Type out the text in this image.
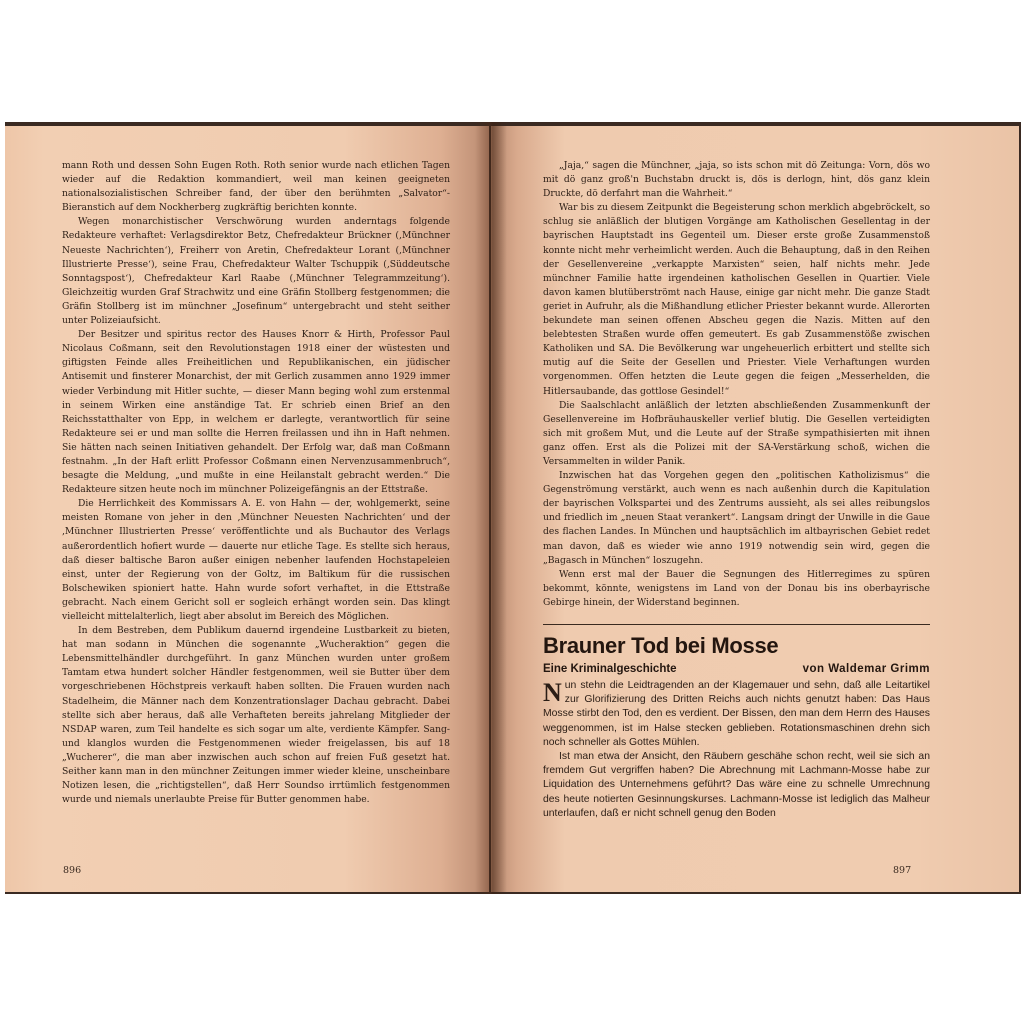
mann Roth und dessen Sohn Eugen Roth. Roth senior wurde nach etlichen Tagen wieder auf die Redaktion kommandiert, weil man keinen geeigneten nationalsozialistischen Schreiber fand, der über den berühmten „Salvator“-Bieranstich auf dem Nockherberg zugkräftig berichten konnte.

Wegen monarchistischer Verschwörung wurden anderntags folgende Redakteure verhaftet: Verlagsdirektor Betz, Chefredakteur Brückner (‚Münchner Neueste Nachrichten‘), Freiherr von Aretin, Chefredakteur Lorant (‚Münchner Illustrierte Presse‘), seine Frau, Chefredakteur Walter Tschuppik (‚Süddeutsche Sonntagspost‘), Chefredakteur Karl Raabe (‚Münchner Telegrammzeitung‘). Gleichzeitig wurden Graf Strachwitz und eine Gräfin Stollberg festgenommen; die Gräfin Stollberg ist im münchner „Josefinum“ untergebracht und steht seither unter Polizeiaufsicht.

Der Besitzer und spiritus rector des Hauses Knorr & Hirth, Professor Paul Nicolaus Coßmann, seit den Revolutionstagen 1918 einer der wüstesten und giftigsten Feinde alles Freiheitlichen und Republikanischen, ein jüdischer Antisemit und finsterer Monarchist, der mit Gerlich zusammen anno 1929 immer wieder Verbindung mit Hitler suchte, — dieser Mann beging wohl zum erstenmal in seinem Wirken eine anständige Tat. Er schrieb einen Brief an den Reichsstatthalter von Epp, in welchem er darlegte, verantwortlich für seine Redakteure sei er und man sollte die Herren freilassen und ihn in Haft nehmen. Sie hätten nach seinen Initiativen gehandelt. Der Erfolg war, daß man Coßmann festnahm. „In der Haft erlitt Professor Coßmann einen Nervenzusammenbruch“, besagte die Meldung, „und mußte in eine Heilanstalt gebracht werden.“ Die Redakteure sitzen heute noch im münchner Polizeigefängnis an der Ettstraße.

Die Herrlichkeit des Kommissars A. E. von Hahn — der, wohlgemerkt, seine meisten Romane von jeher in den ‚Münchner Neuesten Nachrichten‘ und der ‚Münchner Illustrierten Presse‘ veröffentlichte und als Buchautor des Verlags außerordentlich hofiert wurde — dauerte nur etliche Tage. Es stellte sich heraus, daß dieser baltische Baron außer einigen nebenher laufenden Hochstapeleien einst, unter der Regierung von der Goltz, im Baltikum für die russischen Bolschewiken spioniert hatte. Hahn wurde sofort verhaftet, in die Ettstraße gebracht. Nach einem Gericht soll er sogleich erhängt worden sein. Das klingt vielleicht mittelalterlich, liegt aber absolut im Bereich des Möglichen.

In dem Bestreben, dem Publikum dauernd irgendeine Lustbarkeit zu bieten, hat man sodann in München die sogenannte „Wucheraktion“ gegen die Lebensmittelhändler durchgeführt. In ganz München wurden unter großem Tamtam etwa hundert solcher Händler festgenommen, weil sie Butter über dem vorgeschriebenen Höchstpreis verkauft haben sollten. Die Frauen wurden nach Stadelheim, die Männer nach dem Konzentrationslager Dachau gebracht. Dabei stellte sich aber heraus, daß alle Verhafteten bereits jahrelang Mitglieder der NSDAP waren, zum Teil handelte es sich sogar um alte, verdiente Kämpfer. Sang- und klanglos wurden die Festgenommenen wieder freigelassen, bis auf 18 „Wucherer“, die man aber inzwischen auch schon auf freien Fuß gesetzt hat. Seither kann man in den münchner Zeitungen immer wieder kleine, unscheinbare Notizen lesen, die „richtigstellen“, daß Herr Soundso irrtümlich festgenommen wurde und niemals unerlaubte Preise für Butter genommen habe.

896

„Jaja,“ sagen die Münchner, „jaja, so ists schon mit dö Zeitunga: Vorn, dös wo mit dö ganz groß'n Buchstabn druckt is, dös is derlogn, hint, dös ganz klein Druckte, dö derfahrt man die Wahrheit.“

War bis zu diesem Zeitpunkt die Begeisterung schon merklich abgebröckelt, so schlug sie anläßlich der blutigen Vorgänge am Katholischen Gesellentag in der bayrischen Hauptstadt ins Gegenteil um. Dieser erste große Zusammenstoß konnte nicht mehr verheimlicht werden. Auch die Behauptung, daß in den Reihen der Gesellenvereine „verkappte Marxisten“ seien, half nichts mehr. Jede münchner Familie hatte irgendeinen katholischen Gesellen in Quartier. Viele davon kamen blutüberströmt nach Hause, einige gar nicht mehr. Die ganze Stadt geriet in Aufruhr, als die Mißhandlung etlicher Priester bekannt wurde. Allerorten bekundete man seinen offenen Abscheu gegen die Nazis. Mitten auf den belebtesten Straßen wurde offen gemeutert. Es gab Zusammenstöße zwischen Katholiken und SA. Die Bevölkerung war ungeheuerlich erbittert und stellte sich mutig auf die Seite der Gesellen und Priester. Viele Verhaftungen wurden vorgenommen. Offen hetzten die Leute gegen die feigen „Messerhelden, die Hitlersaubande, das gottlose Gesindel!“

Die Saalschlacht anläßlich der letzten abschließenden Zusammenkunft der Gesellenvereine im Hofbräuhauskeller verlief blutig. Die Gesellen verteidigten sich mit großem Mut, und die Leute auf der Straße sympathisierten mit ihnen ganz offen. Erst als die Polizei mit der SA-Verstärkung schoß, wichen die Versammelten in wilder Panik.

Inzwischen hat das Vorgehen gegen den „politischen Katholizismus“ die Gegenströmung verstärkt, auch wenn es nach außenhin durch die Kapitulation der bayrischen Volkspartei und des Zentrums aussieht, als sei alles reibungslos und friedlich im „neuen Staat verankert“. Langsam dringt der Unwille in die Gaue des flachen Landes. In München und hauptsächlich im altbayrischen Gebiet redet man davon, daß es wieder wie anno 1919 notwendig sein wird, gegen die „Bagasch in München“ loszugehn.

Wenn erst mal der Bauer die Segnungen des Hitlerregimes zu spüren bekommt, könnte, wenigstens im Land von der Donau bis ins oberbayrische Gebirge hinein, der Widerstand beginnen.

Brauner Tod bei Mosse
Eine Kriminalgeschichte	von Waldemar Grimm

Nun stehn die Leidtragenden an der Klagemauer und sehn, daß alle Leitartikel zur Glorifizierung des Dritten Reichs auch nichts genutzt haben: Das Haus Mosse stirbt den Tod, den es verdient. Der Bissen, den man dem Herrn des Hauses weggenommen, ist im Halse stecken geblieben. Rotationsmaschinen drehn sich noch schneller als Gottes Mühlen.

Ist man etwa der Ansicht, den Räubern geschähe schon recht, weil sie sich an fremdem Gut vergriffen haben? Die Abrechnung mit Lachmann-Mosse habe zur Liquidation des Unternehmens geführt? Das wäre eine zu schnelle Umrechnung des heute notierten Gesinnungskurses. Lachmann-Mosse ist lediglich das Malheur unterlaufen, daß er nicht schnell genug den Boden

897
